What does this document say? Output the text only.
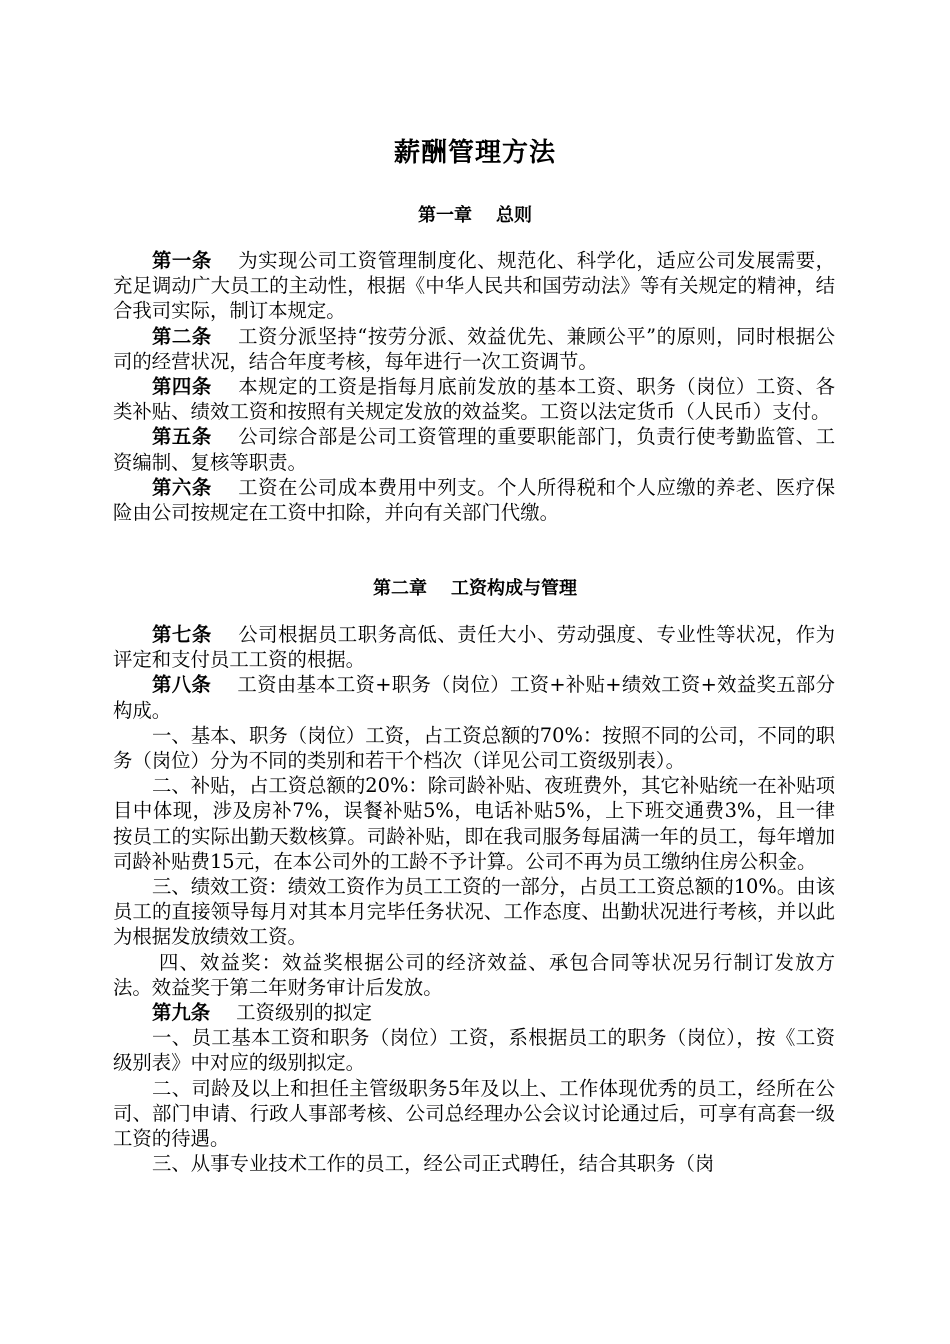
薪酬管理方法
第一章 总则

第一条 为实现公司工资管理制度化、规范化、科学化，适应公司发展需要，充足调动广大员工的主动性，根据《中华人民共和国劳动法》等有关规定的精神，结合我司实际，制订本规定。

第二条 工资分派坚持“按劳分派、效益优先、兼顾公平”的原则，同时根据公司的经营状况，结合年度考核，每年进行一次工资调节。

第四条 本规定的工资是指每月底前发放的基本工资、职务（岗位）工资、各类补贴、绩效工资和按照有关规定发放的效益奖。工资以法定货币（人民币）支付。

第五条 公司综合部是公司工资管理的重要职能部门，负责行使考勤监管、工资编制、复核等职责。

第六条 工资在公司成本费用中列支。个人所得税和个人应缴的养老、医疗保险由公司按规定在工资中扣除，并向有关部门代缴。

第二章 工资构成与管理

第七条 公司根据员工职务高低、责任大小、劳动强度、专业性等状况，作为评定和支付员工工资的根据。

第八条 工资由基本工资+职务（岗位）工资+补贴+绩效工资+效益奖五部分构成。

一、基本、职务（岗位）工资，占工资总额的70%：按照不同的公司，不同的职务（岗位）分为不同的类别和若干个档次（详见公司工资级别表）。

二、补贴，占工资总额的20%：除司龄补贴、夜班费外，其它补贴统一在补贴项目中体现，涉及房补7%，误餐补贴5%，电话补贴5%，上下班交通费3%，且一律按员工的实际出勤天数核算。司龄补贴，即在我司服务每届满一年的员工，每年增加司龄补贴费15元，在本公司外的工龄不予计算。公司不再为员工缴纳住房公积金。

三、绩效工资：绩效工资作为员工工资的一部分，占员工工资总额的10%。由该员工的直接领导每月对其本月完毕任务状况、工作态度、出勤状况进行考核，并以此为根据发放绩效工资。

四、效益奖：效益奖根据公司的经济效益、承包合同等状况另行制订发放方法。效益奖于第二年财务审计后发放。

第九条 工资级别的拟定

一、员工基本工资和职务（岗位）工资，系根据员工的职务（岗位），按《工资级别表》中对应的级别拟定。

二、司龄及以上和担任主管级职务5年及以上、工作体现优秀的员工，经所在公司、部门申请、行政人事部考核、公司总经理办公会议讨论通过后，可享有高套一级工资的待遇。

三、从事专业技术工作的员工，经公司正式聘任，结合其职务（岗
